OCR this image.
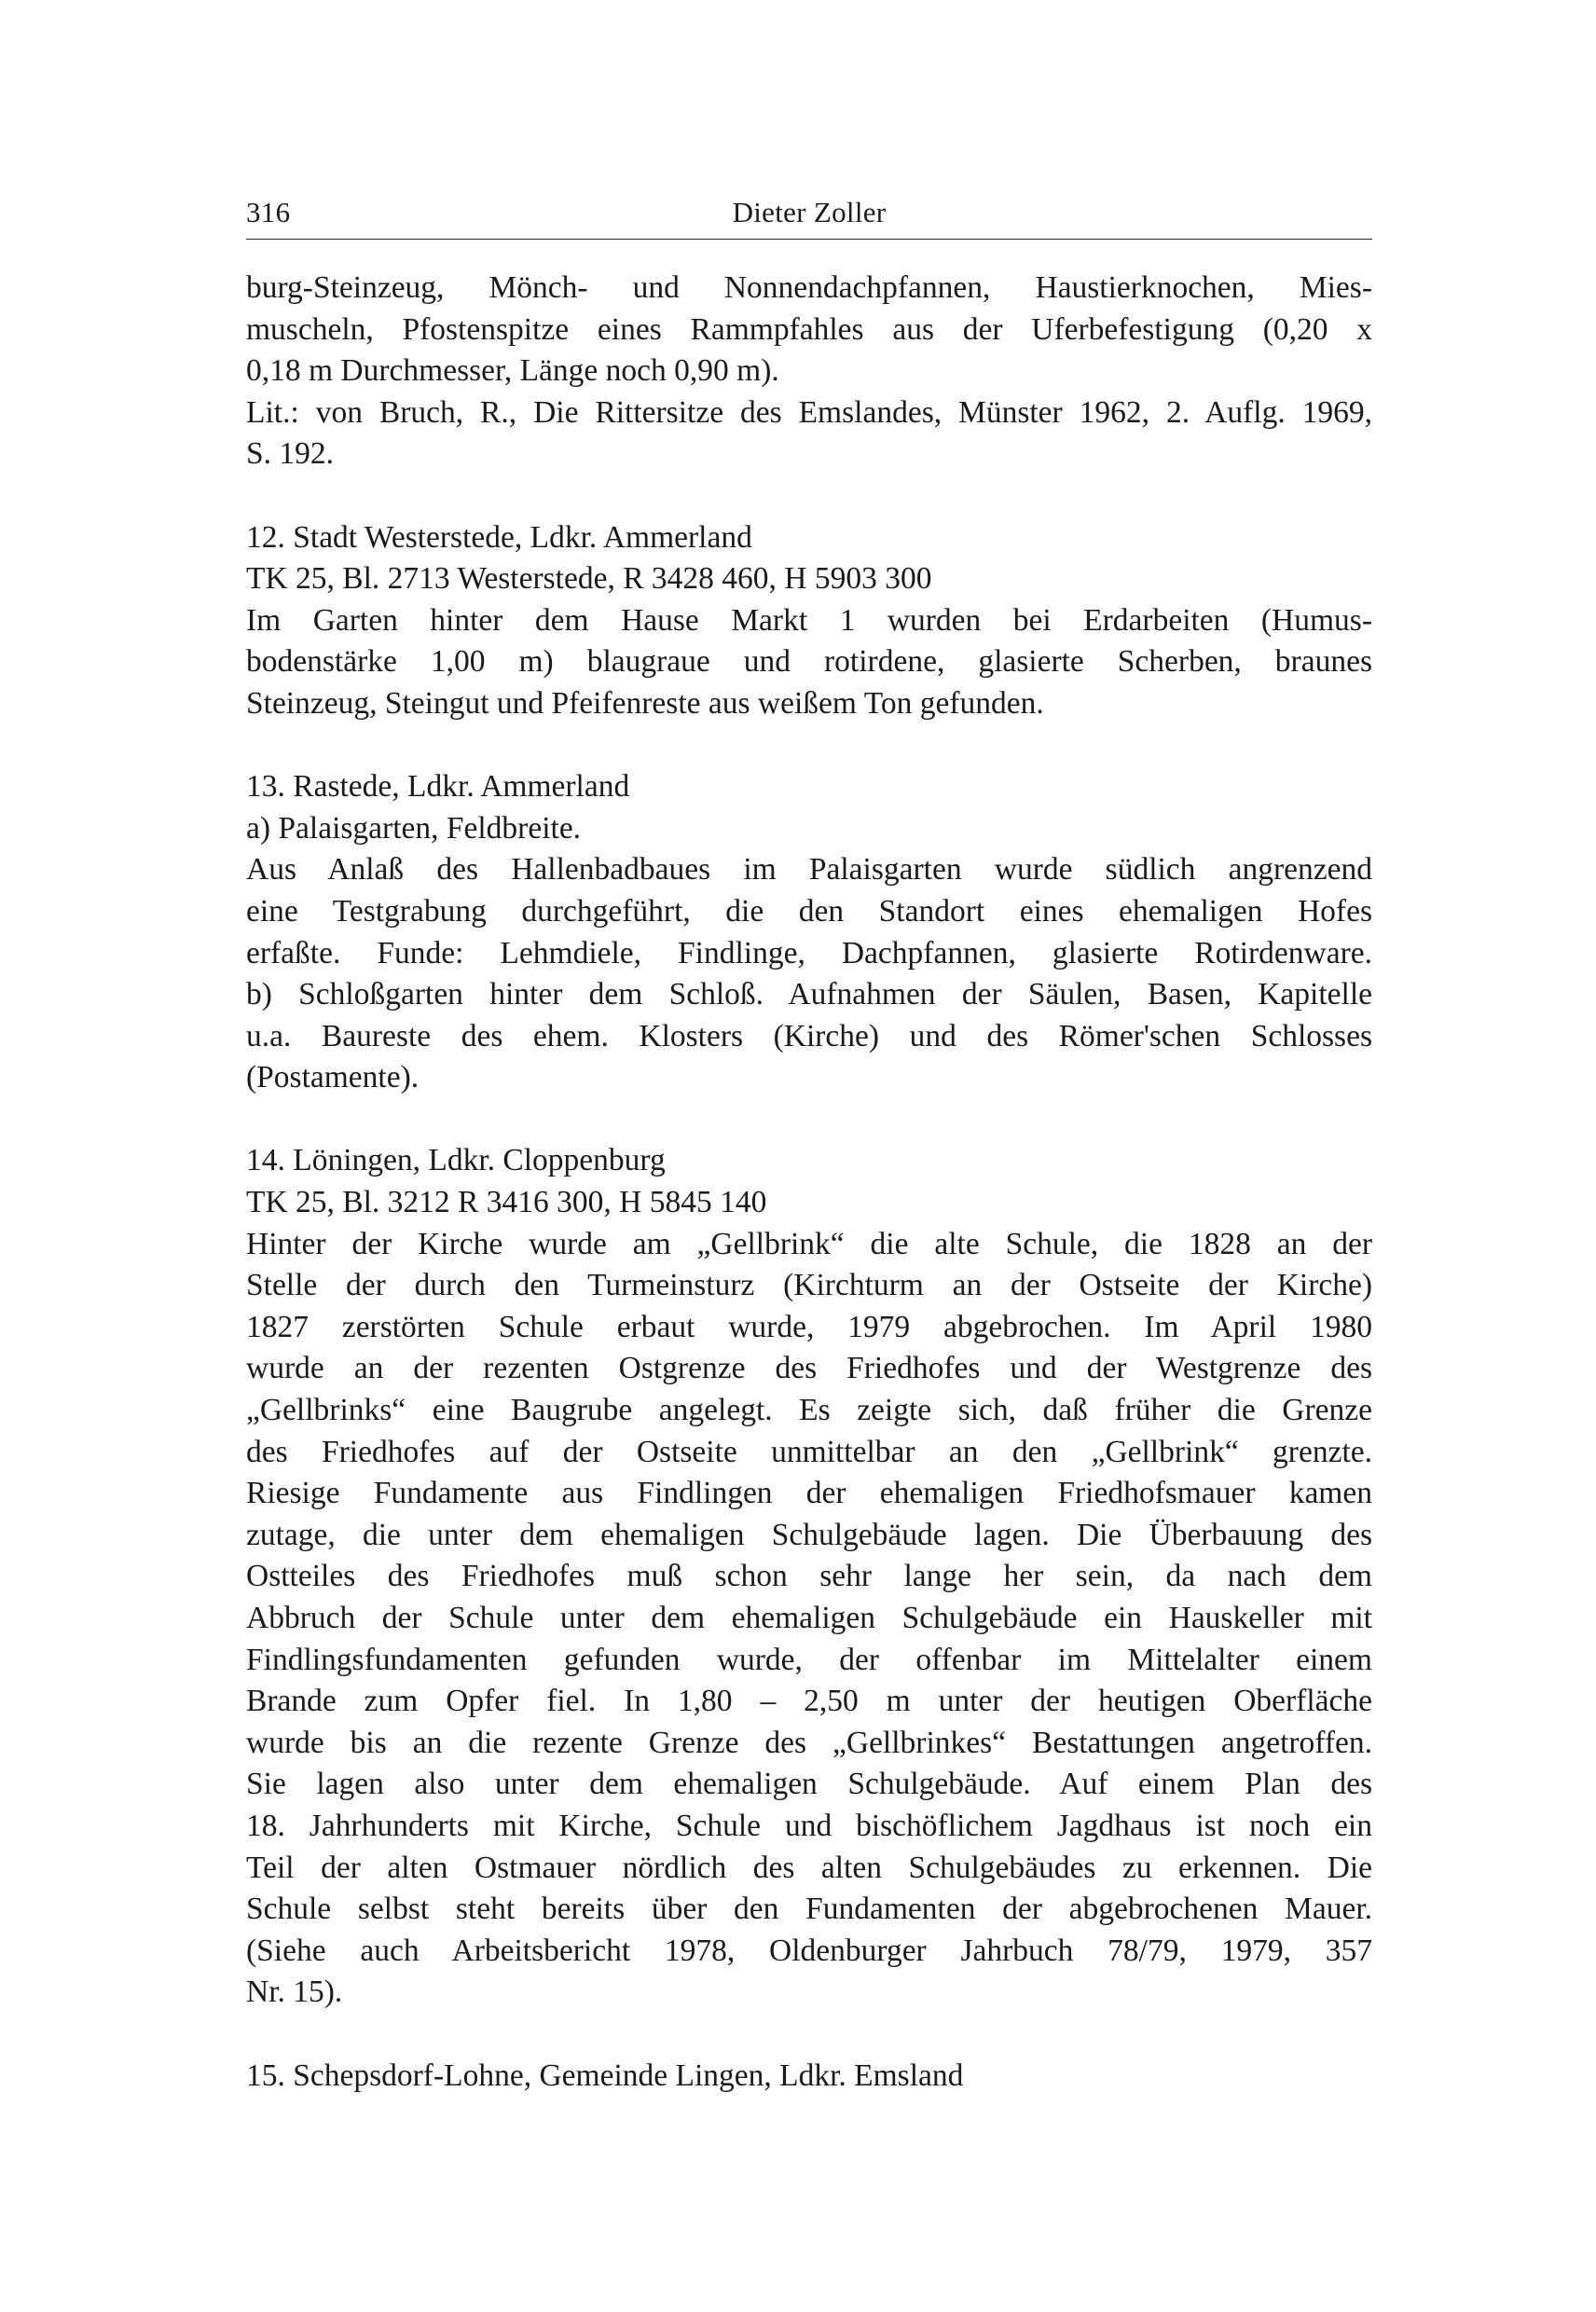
316	Dieter Zoller
burg-Steinzeug, Mönch- und Nonnendachpfannen, Haustierknochen, Mies-
muscheln, Pfostenspitze eines Rammpfahles aus der Uferbefestigung (0,20 x
0,18 m Durchmesser, Länge noch 0,90 m).
Lit.: von Bruch, R., Die Rittersitze des Emslandes, Münster 1962, 2. Auflg. 1969,
S. 192.
12. Stadt Westerstede, Ldkr. Ammerland
TK 25, Bl. 2713 Westerstede, R 3428 460, H 5903 300
Im Garten hinter dem Hause Markt 1 wurden bei Erdarbeiten (Humus-
bodenstärke 1,00 m) blaugraue und rotirdene, glasierte Scherben, braunes
Steinzeug, Steingut und Pfeifenreste aus weißem Ton gefunden.
13. Rastede, Ldkr. Ammerland
a) Palaisgarten, Feldbreite.
Aus Anlaß des Hallenbadbaues im Palaisgarten wurde südlich angrenzend
eine Testgrabung durchgeführt, die den Standort eines ehemaligen Hofes
erfaßte. Funde: Lehmdiele, Findlinge, Dachpfannen, glasierte Rotirdenware.
b) Schloßgarten hinter dem Schloß. Aufnahmen der Säulen, Basen, Kapitelle
u.a. Baureste des ehem. Klosters (Kirche) und des Römer'schen Schlosses
(Postamente).
14. Löningen, Ldkr. Cloppenburg
TK 25, Bl. 3212 R 3416 300, H 5845 140
Hinter der Kirche wurde am „Gellbrink“ die alte Schule, die 1828 an der
Stelle der durch den Turmeinsturz (Kirchturm an der Ostseite der Kirche)
1827 zerstörten Schule erbaut wurde, 1979 abgebrochen. Im April 1980
wurde an der rezenten Ostgrenze des Friedhofes und der Westgrenze des
„Gellbrinks“ eine Baugrube angelegt. Es zeigte sich, daß früher die Grenze
des Friedhofes auf der Ostseite unmittelbar an den „Gellbrink“ grenzte.
Riesige Fundamente aus Findlingen der ehemaligen Friedhofsmauer kamen
zutage, die unter dem ehemaligen Schulgebäude lagen. Die Überbauung des
Ostteiles des Friedhofes muß schon sehr lange her sein, da nach dem
Abbruch der Schule unter dem ehemaligen Schulgebäude ein Hauskeller mit
Findlingsfundamenten gefunden wurde, der offenbar im Mittelalter einem
Brande zum Opfer fiel. In 1,80 – 2,50 m unter der heutigen Oberfläche
wurde bis an die rezente Grenze des „Gellbrinkes“ Bestattungen angetroffen.
Sie lagen also unter dem ehemaligen Schulgebäude. Auf einem Plan des
18. Jahrhunderts mit Kirche, Schule und bischöflichem Jagdhaus ist noch ein
Teil der alten Ostmauer nördlich des alten Schulgebäudes zu erkennen. Die
Schule selbst steht bereits über den Fundamenten der abgebrochenen Mauer.
(Siehe auch Arbeitsbericht 1978, Oldenburger Jahrbuch 78/79, 1979, 357
Nr. 15).
15. Schepsdorf-Lohne, Gemeinde Lingen, Ldkr. Emsland
